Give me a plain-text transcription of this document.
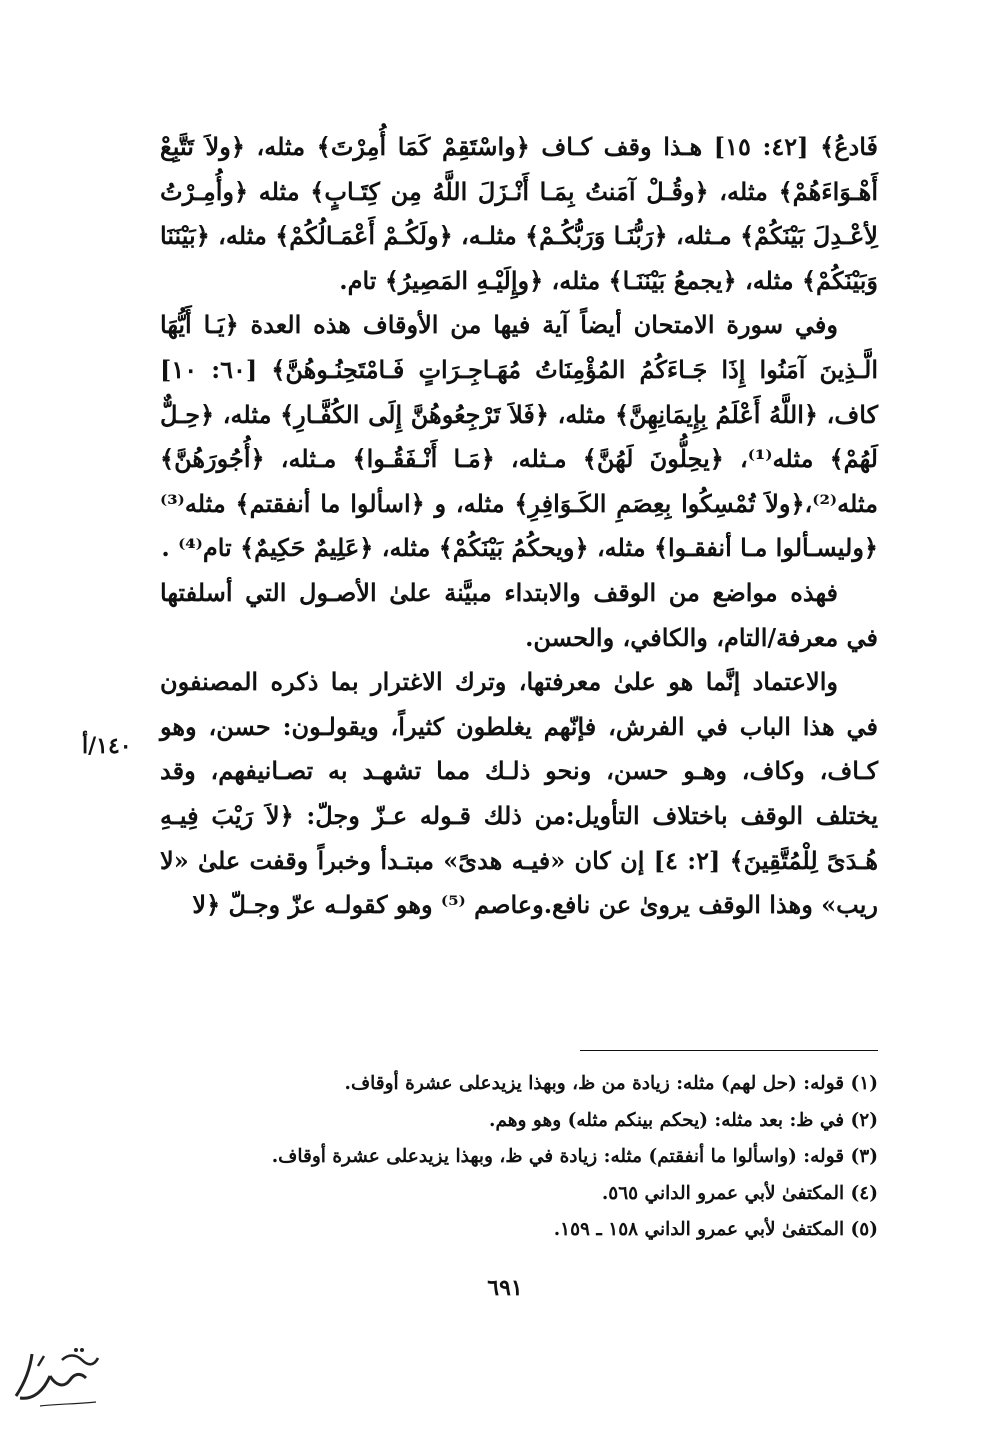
فَادعُ﴾ [٤٢: ١٥] هـذا وقف كـاف ﴿واسْتَقِمْ كَمَا أُمِرْتَ﴾ مثله، ﴿ولاَ تَتَّبِعْ أَهْـوَاءَهُمْ﴾ مثله، ﴿وقُـلْ آمَنتُ بِمَـا أَنْـزَلَ اللَّهُ مِن كِتَـابٍ﴾ مثله ﴿وأُمِـرْتُ لِأعْـدِلَ بَيْنَكُمْ﴾ مـثله، ﴿رَبُّنَـا وَرَبُّكُـمْ﴾ مثلـه، ﴿ولَكُـمْ أَعْمَـالُكُمْ﴾ مثله، ﴿بَيْنَنَا وَبَيْنَكُمْ﴾ مثله، ﴿يجمعُ بَيْنَنَـا﴾ مثله، ﴿وإِلَيْـهِ المَصِيرُ﴾ تام.

وفي سورة الامتحان أيضاً آية فيها من الأوقاف هذه العدة ﴿يَـا أَيُّهَا الَّـذِينَ آمَنُوا إِذَا جَـاءَكُمُ المُؤْمِنَاتُ مُهَـاجِـرَاتٍ فَـامْتَحِنُـوهُنَّ﴾ [٦٠: ١٠] كاف، ﴿اللَّهُ أَعْلَمُ بِإِيمَانِهِنَّ﴾ مثله، ﴿فَلاَ تَرْجِعُوهُنَّ إِلَى الكُفَّـارِ﴾ مثله، ﴿حِـلٌّ لَهُمْ﴾ مثله⁽¹⁾، ﴿يحِلُّونَ لَهُنَّ﴾ مـثله، ﴿مَـا أَنْـفَقُـوا﴾ مـثله، ﴿أُجُورَهُنَّ﴾ مثله⁽²⁾،﴿ولاَ تُمْسِكُوا بِعِصَمِ الكَـوَافِرِ﴾ مثله، و ﴿اسألوا ما أنفقتم﴾ مثله⁽³⁾ ﴿وليسـألوا مـا أنفقـوا﴾ مثله، ﴿ويحكُمُ بَيْنَكُمْ﴾ مثله، ﴿عَلِيمٌ حَكِيمٌ﴾ تام⁽⁴⁾ .

فهذه مواضع من الوقف والابتداء مبيَّنة علىٰ الأصـول التي أسلفتها في معرفة/التام، والكافي، والحسن.

والاعتماد إنَّما هو علىٰ معرفتها، وترك الاغترار بما ذكره المصنفون في هذا الباب في الفرش، فإنّهم يغلطون كثيراً، ويقولـون: حسن، وهو كـاف، وكاف، وهـو حسن، ونحو ذلـك مما تشهـد به تصـانيفهم، وقد يختلف الوقف باختلاف التأويل:من ذلك قـوله عـزّ وجلّ: ﴿لاَ رَيْبَ فِيـهِ هُـدَىً لِلْمُتَّقِينَ﴾ [٢: ٤] إن كان «فيـه هدىً» مبتـدأ وخبراً وقفت علىٰ «لا ريب» وهذا الوقف يروىٰ عن نافع.وعاصم ⁽⁵⁾ وهو كقولـه عزّ وجـلّ ﴿لا

١٤٠/أ
(١) قوله: (حل لهم) مثله: زيادة من ظ، وبهذا يزيدعلى عشرة أوقاف.
(٢) في ظ: بعد مثله: (يحكم بينكم مثله) وهو وهم.
(٣) قوله: (واسألوا ما أنفقتم) مثله: زيادة في ظ، وبهذا يزيدعلى عشرة أوقاف.
(٤) المكتفىٰ لأبي عمرو الداني ٥٦٥.
(٥) المكتفىٰ لأبي عمرو الداني ١٥٨ ـ ١٥٩.
٦٩١
